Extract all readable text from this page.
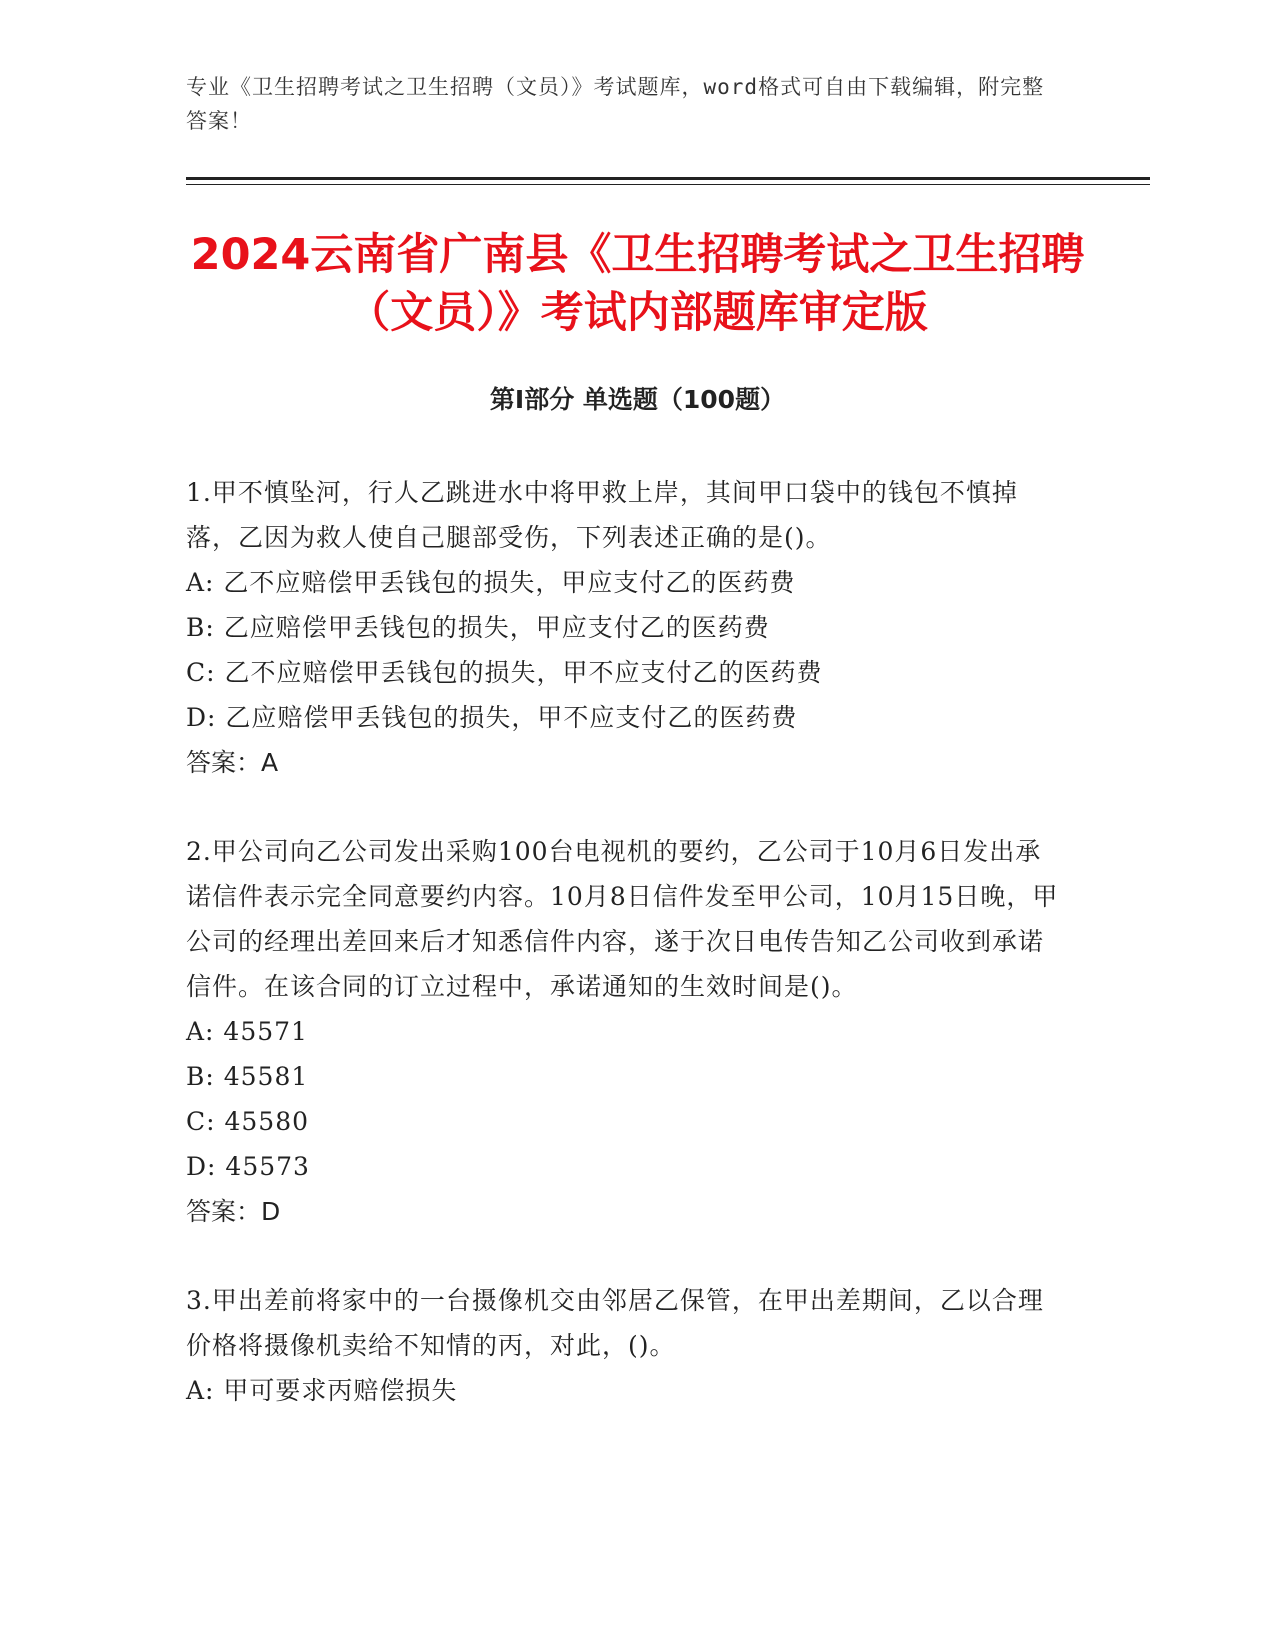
专业《卫生招聘考试之卫生招聘（文员）》考试题库，word格式可自由下载编辑，附完整答案！
2024云南省广南县《卫生招聘考试之卫生招聘（文员）》考试内部题库审定版
第Ⅰ部分 单选题（100题）
1.甲不慎坠河，行人乙跳进水中将甲救上岸，其间甲口袋中的钱包不慎掉落，乙因为救人使自己腿部受伤，下列表述正确的是()。
A: 乙不应赔偿甲丢钱包的损失，甲应支付乙的医药费
B: 乙应赔偿甲丢钱包的损失，甲应支付乙的医药费
C: 乙不应赔偿甲丢钱包的损失，甲不应支付乙的医药费
D: 乙应赔偿甲丢钱包的损失，甲不应支付乙的医药费
答案：A
2.甲公司向乙公司发出采购100台电视机的要约，乙公司于10月6日发出承诺信件表示完全同意要约内容。10月8日信件发至甲公司，10月15日晚，甲公司的经理出差回来后才知悉信件内容，遂于次日电传告知乙公司收到承诺信件。在该合同的订立过程中，承诺通知的生效时间是()。
A: 45571
B: 45581
C: 45580
D: 45573
答案：D
3.甲出差前将家中的一台摄像机交由邻居乙保管，在甲出差期间，乙以合理价格将摄像机卖给不知情的丙，对此，()。
A: 甲可要求丙赔偿损失
